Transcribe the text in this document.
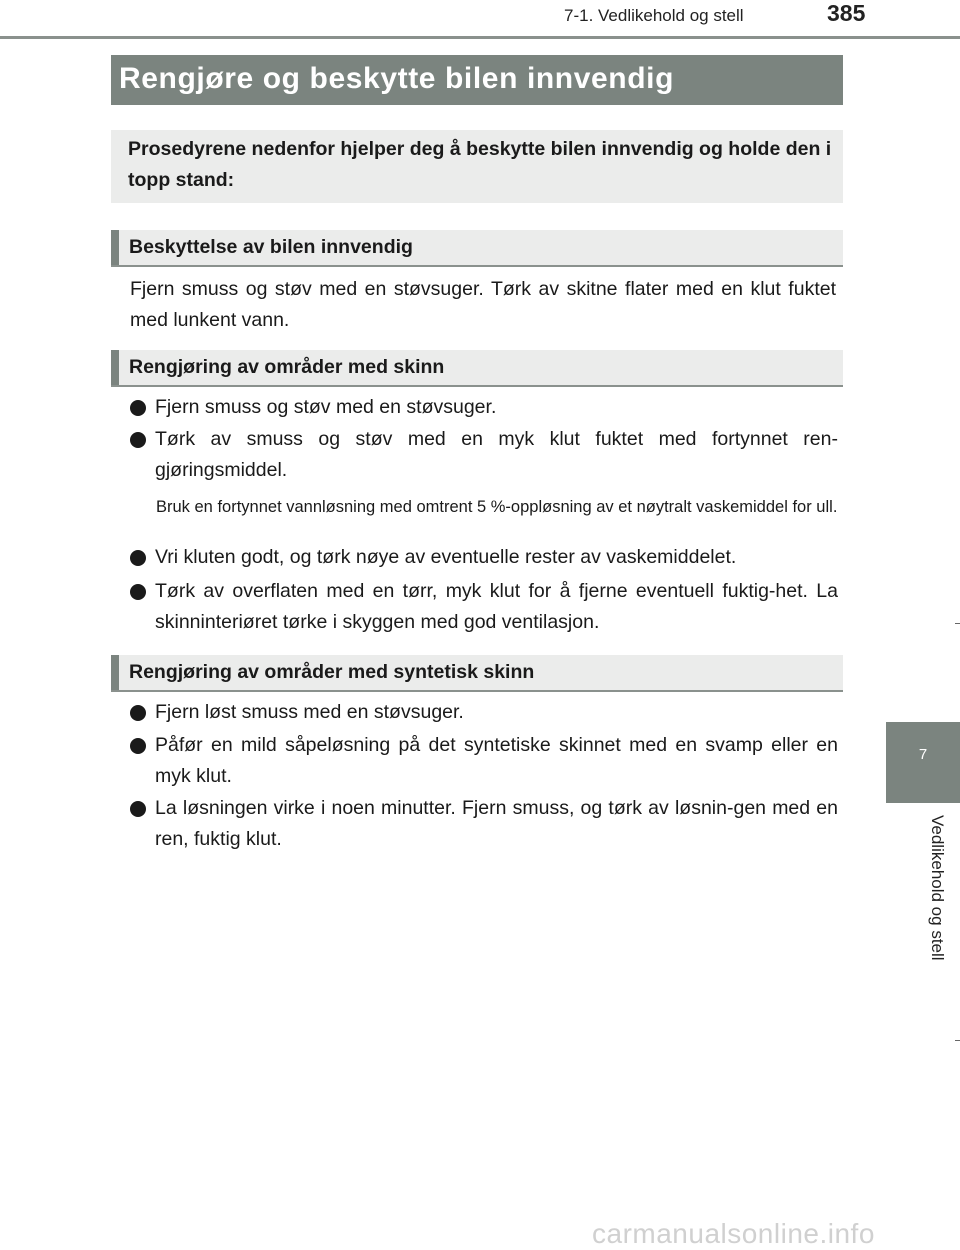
7-1. Vedlikehold og stell	385
Rengjøre og beskytte bilen innvendig
Prosedyrene nedenfor hjelper deg å beskytte bilen innvendig og holde den i topp stand:
Beskyttelse av bilen innvendig
Fjern smuss og støv med en støvsuger. Tørk av skitne flater med en klut fuktet med lunkent vann.
Rengjøring av områder med skinn
Fjern smuss og støv med en støvsuger.
Tørk av smuss og støv med en myk klut fuktet med fortynnet ren-gjøringsmiddel.
Bruk en fortynnet vannløsning med omtrent 5 %-oppløsning av et nøytralt vaskemiddel for ull.
Vri kluten godt, og tørk nøye av eventuelle rester av vaskemiddelet.
Tørk av overflaten med en tørr, myk klut for å fjerne eventuell fuktig-het. La skinninteriøret tørke i skyggen med god ventilasjon.
Rengjøring av områder med syntetisk skinn
Fjern løst smuss med en støvsuger.
Påfør en mild såpeløsning på det syntetiske skinnet med en svamp eller en myk klut.
La løsningen virke i noen minutter. Fjern smuss, og tørk av løsnin-gen med en ren, fuktig klut.
7
Vedlikehold og stell
carmanualsonline.info
